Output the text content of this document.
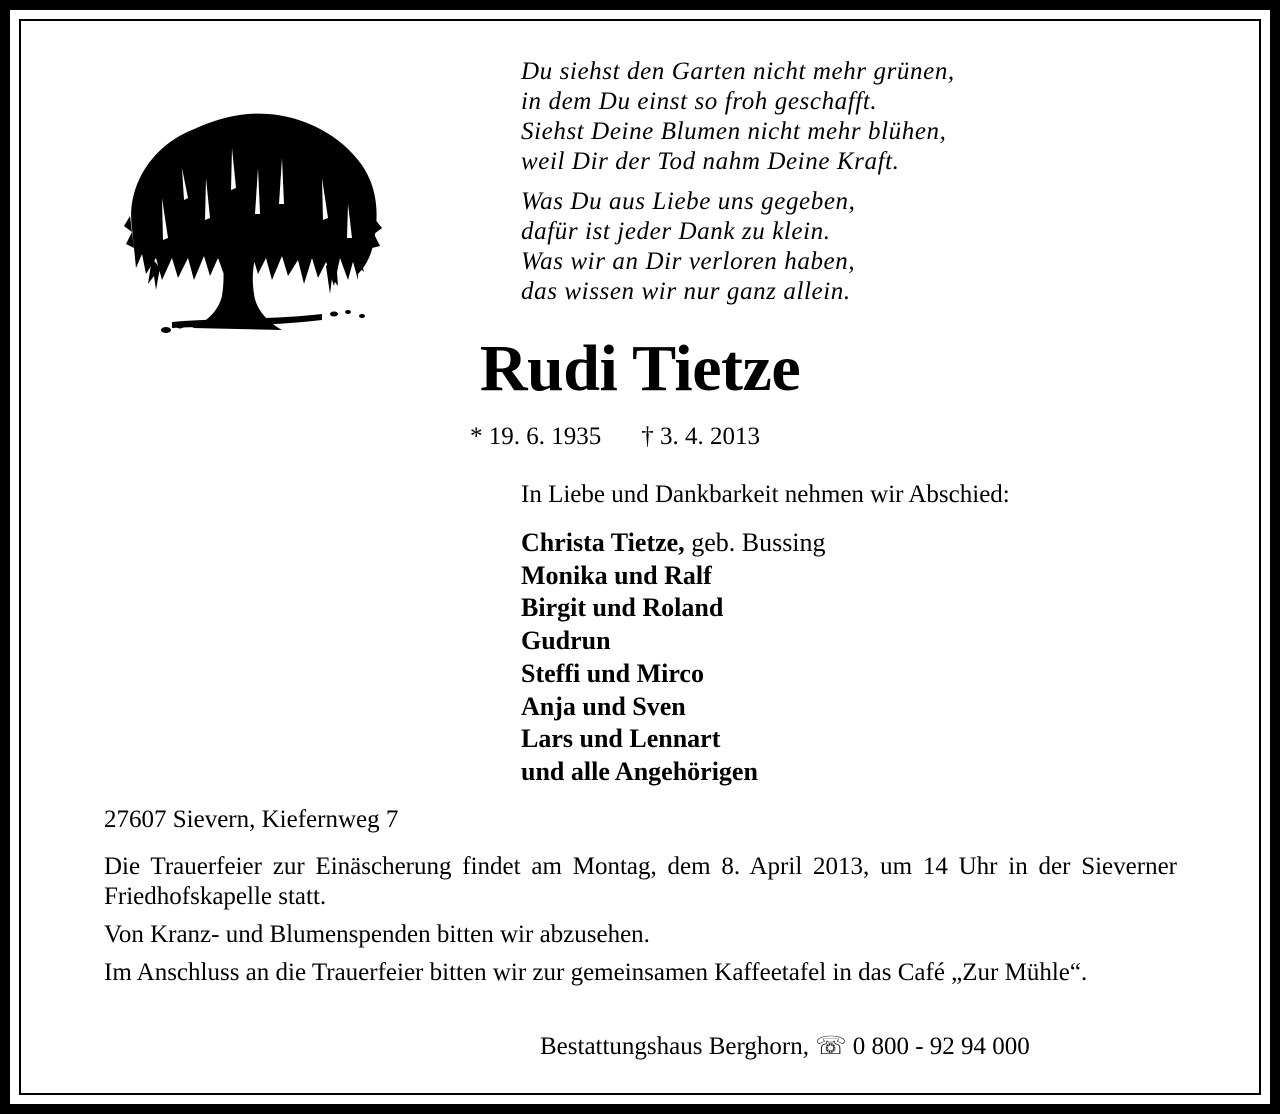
Du siehst den Garten nicht mehr grünen,
in dem Du einst so froh geschafft.
Siehst Deine Blumen nicht mehr blühen,
weil Dir der Tod nahm Deine Kraft.
Was Du aus Liebe uns gegeben,
dafür ist jeder Dank zu klein.
Was wir an Dir verloren haben,
das wissen wir nur ganz allein.
Rudi Tietze
* 19. 6. 1935 † 3. 4. 2013
In Liebe und Dankbarkeit nehmen wir Abschied:
Christa Tietze, geb. Bussing
Monika und Ralf
Birgit und Roland
Gudrun
Steffi und Mirco
Anja und Sven
Lars und Lennart
und alle Angehörigen
27607 Sievern, Kiefernweg 7

Die Trauerfeier zur Einäscherung findet am Montag, dem 8. April 2013, um 14 Uhr in der Sieverner Friedhofskapelle statt.

Von Kranz- und Blumenspenden bitten wir abzusehen.

Im Anschluss an die Trauerfeier bitten wir zur gemeinsamen Kaffeetafel in das Café „Zur Mühle“.

Bestattungshaus Berghorn, ☏ 0 800 - 92 94 000
